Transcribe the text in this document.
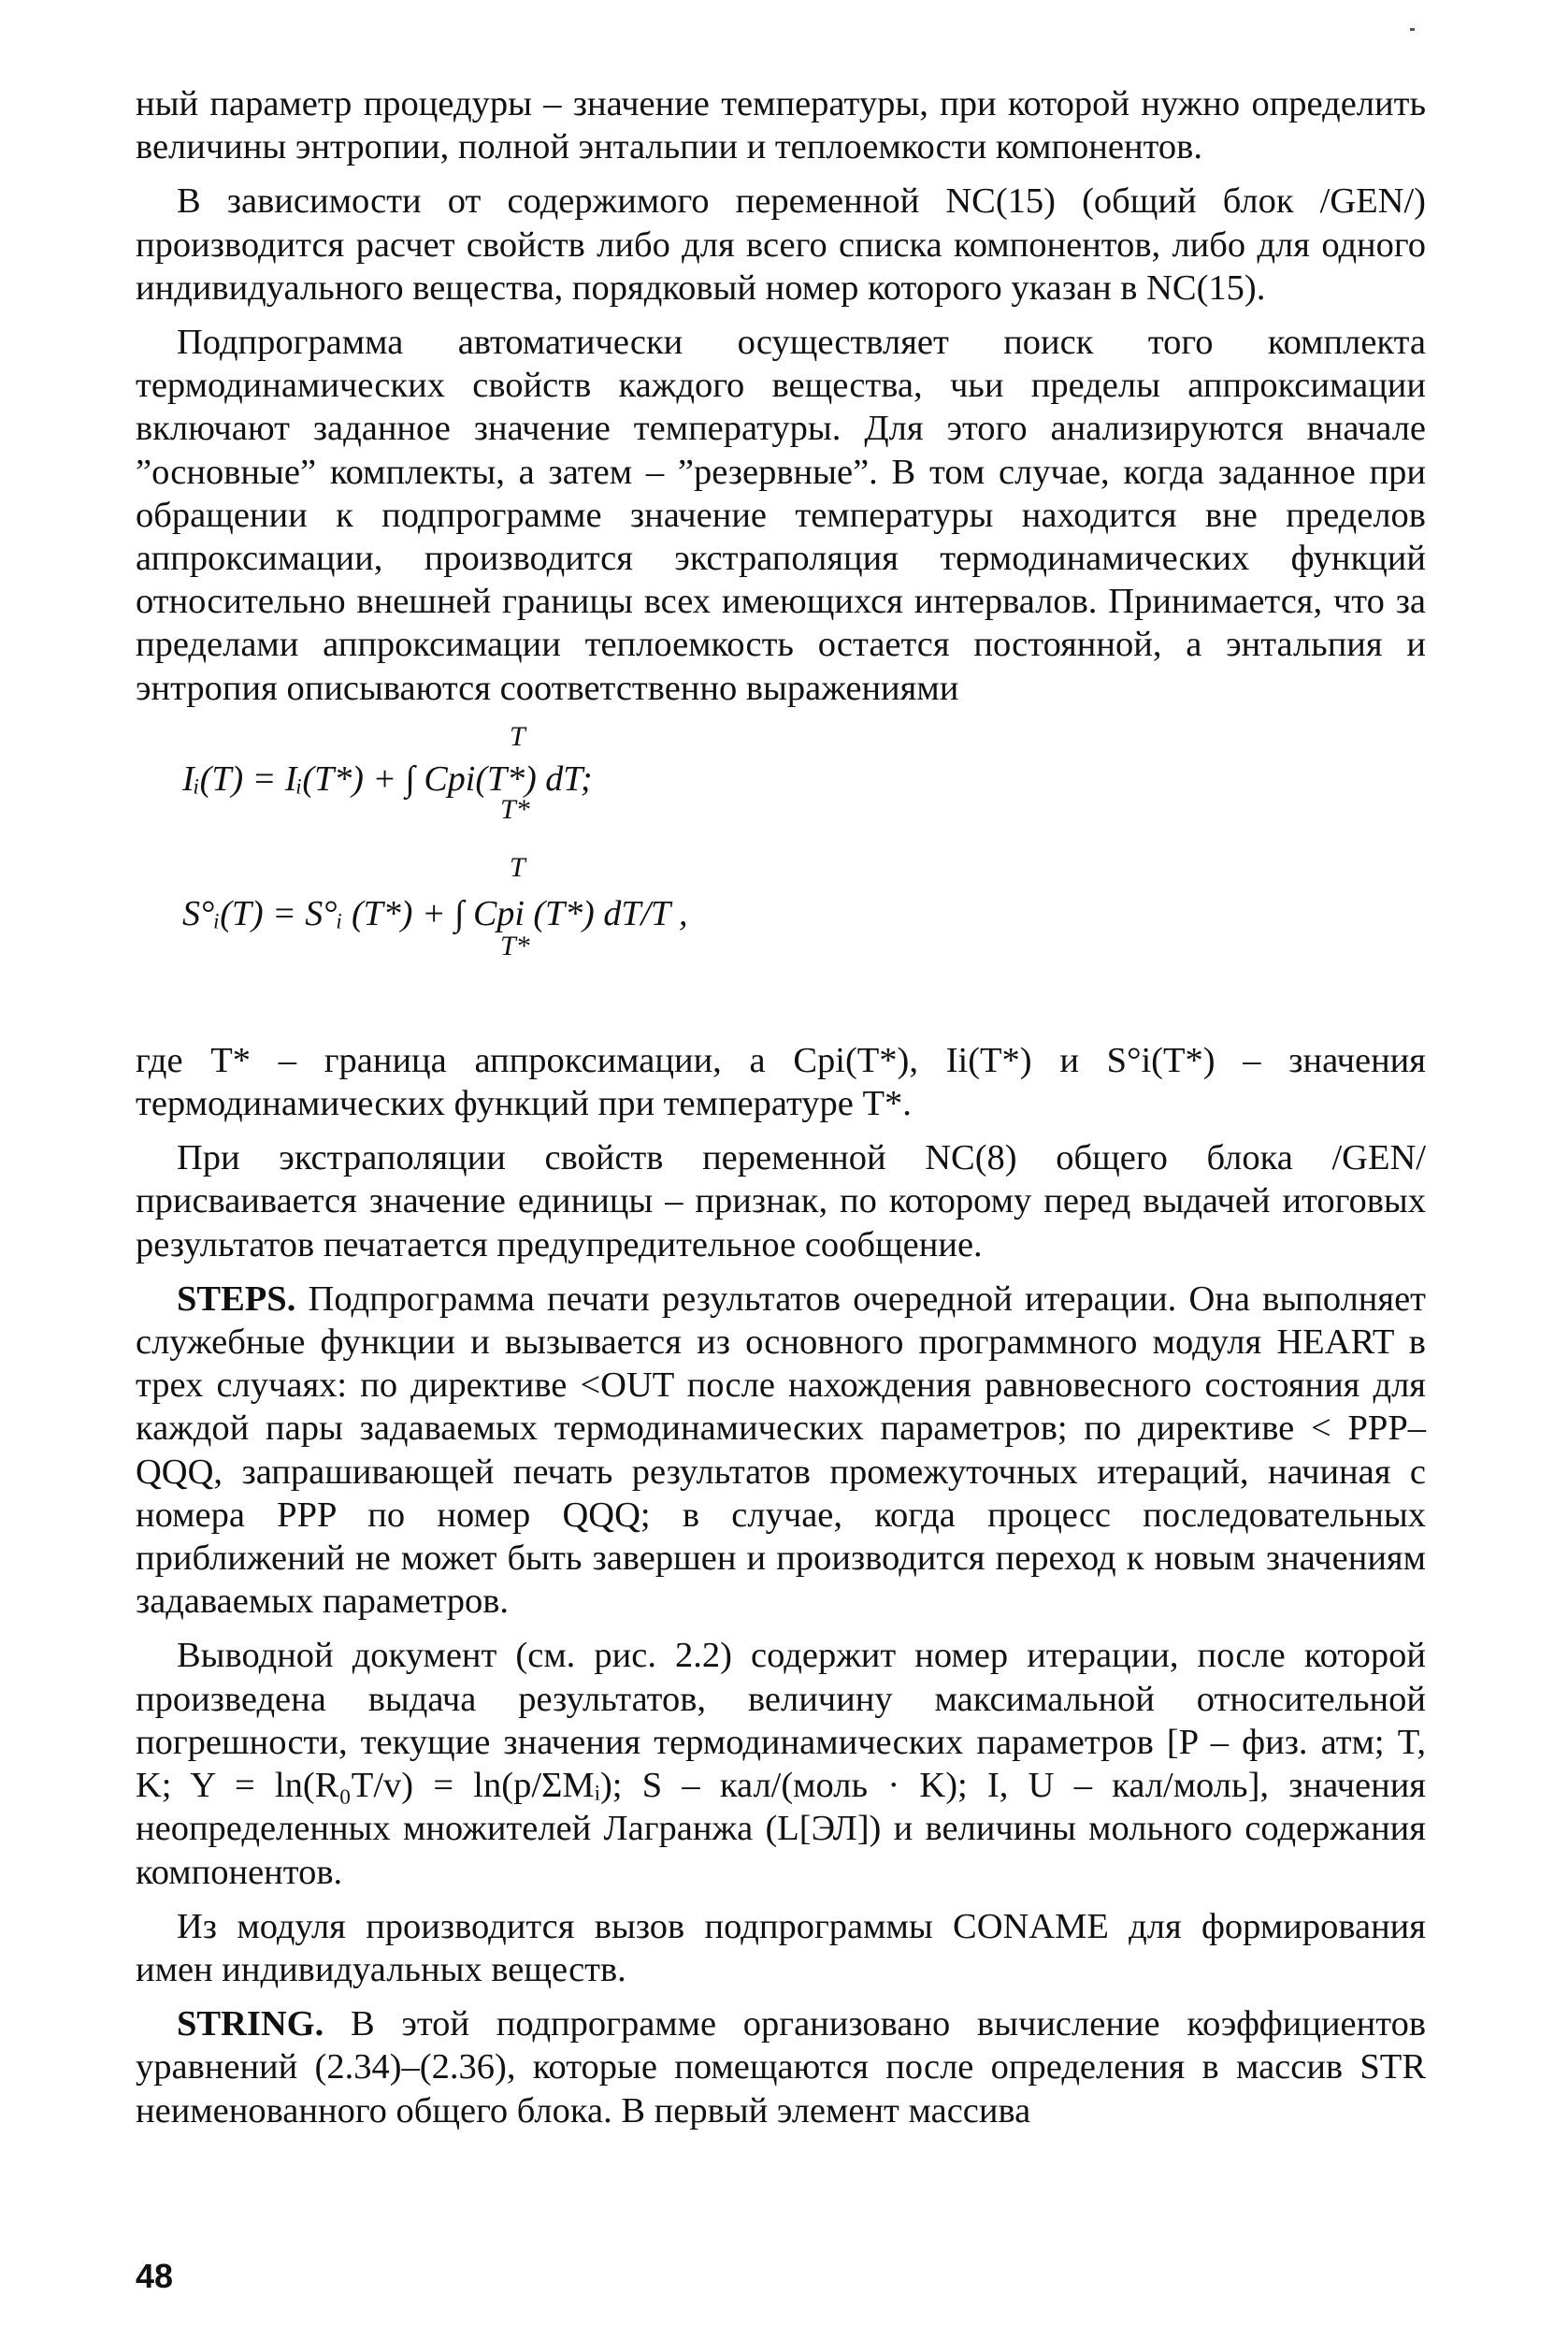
ный параметр процедуры – значение температуры, при которой нужно определить величины энтропии, полной энтальпии и теплоемкости компонентов.

В зависимости от содержимого переменной NC(15) (общий блок /GEN/) производится расчет свойств либо для всего списка компонентов, либо для одного индивидуального вещества, порядковый номер которого указан в NC(15).

Подпрограмма автоматически осуществляет поиск того комплекта термодинамических свойств каждого вещества, чьи пределы аппроксимации включают заданное значение температуры. Для этого анализируются вначале ”основные” комплекты, а затем – ”резервные”. В том случае, когда заданное при обращении к подпрограмме значение температуры находится вне пределов аппроксимации, производится экстраполяция термодинамических функций относительно внешней границы всех имеющихся интервалов. Принимается, что за пределами аппроксимации теплоемкость остается постоянной, а энтальпия и энтропия описываются соответственно выражениями

T
Iᵢ(T) = Iᵢ(T*) + ∫ Cpi(T*) dT;
T*
T
S°ᵢ(T) = S°ᵢ (T*) + ∫ Cpi (T*) dT/T ,
T*

где T* – граница аппроксимации, а Cpi(T*), Ii(T*) и S°i(T*) – значения термодинамических функций при температуре T*.

При экстраполяции свойств переменной NC(8) общего блока /GEN/ присваивается значение единицы – признак, по которому перед выдачей итоговых результатов печатается предупредительное сообщение.

STEPS. Подпрограмма печати результатов очередной итерации. Она выполняет служебные функции и вызывается из основного программного модуля HEART в трех случаях: по директиве <OUT после нахождения равновесного состояния для каждой пары задаваемых термодинамических параметров; по директиве < PPP–QQQ, запрашивающей печать результатов промежуточных итераций, начиная с номера PPP по номер QQQ; в случае, когда процесс последовательных приближений не может быть завершен и производится переход к новым значениям задаваемых параметров.

Выводной документ (см. рис. 2.2) содержит номер итерации, после которой произведена выдача результатов, величину максимальной относительной погрешности, текущие значения термодинамических параметров [P – физ. атм; T, K; Y = ln(R₀T/v) = ln(p/ΣMᵢ); S – кал/(моль · K); I, U – кал/моль], значения неопределенных множителей Лагранжа (L[ЭЛ]) и величины мольного содержания компонентов.

Из модуля производится вызов подпрограммы CONAME для формирования имен индивидуальных веществ.

STRING. В этой подпрограмме организовано вычисление коэффициентов уравнений (2.34)–(2.36), которые помещаются после определения в массив STR неименованного общего блока. В первый элемент массива

48
